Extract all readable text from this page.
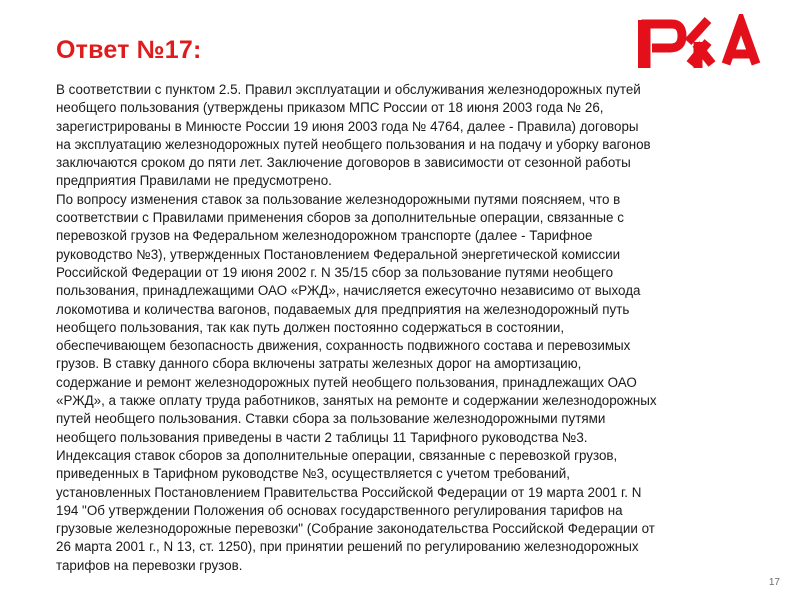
Ответ №17:
В соответствии с пунктом 2.5. Правил эксплуатации и обслуживания железнодорожных путей
необщего пользования (утверждены приказом МПС России от 18 июня 2003 года № 26,
зарегистрированы в Минюсте России 19 июня 2003 года № 4764, далее - Правила) договоры
на эксплуатацию железнодорожных путей необщего пользования и на подачу и уборку вагонов
заключаются сроком до пяти лет. Заключение договоров в зависимости от сезонной работы
предприятия Правилами не предусмотрено.
По вопросу изменения ставок за пользование железнодорожными путями поясняем, что в
соответствии с Правилами применения сборов за дополнительные операции, связанные с
перевозкой грузов на Федеральном железнодорожном транспорте (далее - Тарифное
руководство №3), утвержденных Постановлением Федеральной энергетической комиссии
Российской Федерации от 19 июня 2002 г. N 35/15 сбор за пользование путями необщего
пользования, принадлежащими ОАО «РЖД», начисляется ежесуточно независимо от выхода
локомотива и количества вагонов, подаваемых для предприятия на железнодорожный путь
необщего пользования, так как путь должен постоянно содержаться в состоянии,
обеспечивающем безопасность движения, сохранность подвижного состава и перевозимых
грузов. В ставку данного сбора включены затраты железных дорог на амортизацию,
содержание и ремонт железнодорожных путей необщего пользования, принадлежащих ОАО
«РЖД», а также оплату труда работников, занятых на ремонте и содержании железнодорожных
путей необщего пользования. Ставки сбора за пользование железнодорожными путями
необщего пользования приведены в части 2 таблицы 11 Тарифного руководства №3.
Индексация ставок сборов за дополнительные операции, связанные с перевозкой грузов,
приведенных в Тарифном руководстве №3, осуществляется с учетом требований,
установленных Постановлением Правительства Российской Федерации от 19 марта 2001 г. N
194 "Об утверждении Положения об основах государственного регулирования тарифов на
грузовые железнодорожные перевозки" (Собрание законодательства Российской Федерации от
26 марта 2001 г., N 13, ст. 1250), при принятии решений по регулированию железнодорожных
тарифов на перевозки грузов.
17
